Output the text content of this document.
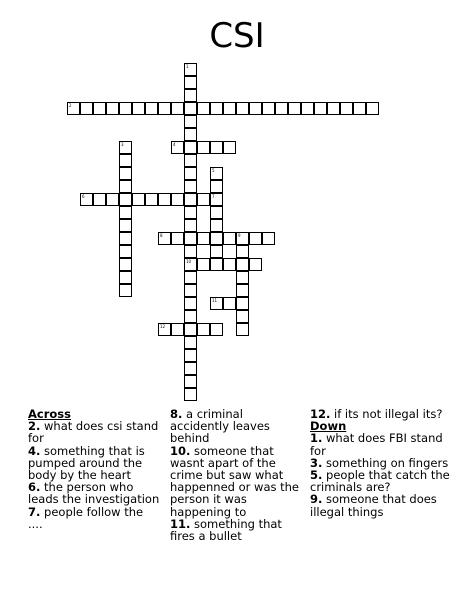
CSI
1
10
2
3	4
5
7
6
8	9
11
12
Across

2. what does csi stand for

4. something that is pumped around the body by the heart

6. the person who leads the investigation

7. people follow the ....

8. a criminal accidently leaves behind

10. someone that wasnt apart of the crime but saw what happenned or was the person it was happening to

11. something that fires a bullet

12. if its not illegal its?

Down

1. what does FBI stand for

3. something on fingers

5. people that catch the criminals are?

9. someone that does illegal things
